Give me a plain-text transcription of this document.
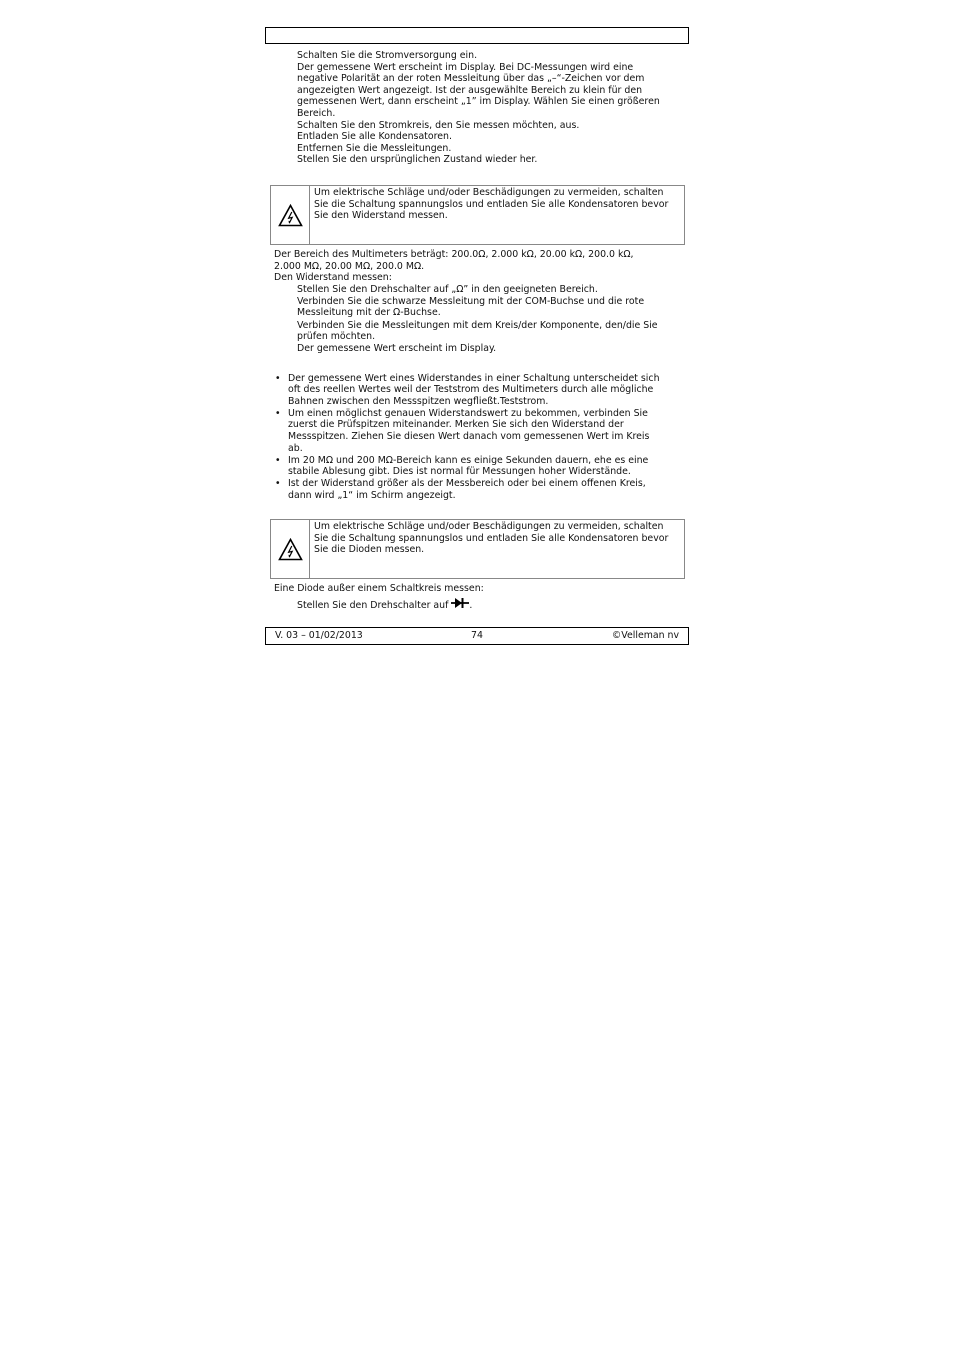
Schalten Sie die Stromversorgung ein.
Der gemessene Wert erscheint im Display. Bei DC-Messungen wird eine
negative Polarität an der roten Messleitung über das „–“-Zeichen vor dem
angezeigten Wert angezeigt. Ist der ausgewählte Bereich zu klein für den
gemessenen Wert, dann erscheint „1” im Display. Wählen Sie einen größeren
Bereich.
Schalten Sie den Stromkreis, den Sie messen möchten, aus.
Entladen Sie alle Kondensatoren.
Entfernen Sie die Messleitungen.
Stellen Sie den ursprünglichen Zustand wieder her.
Um elektrische Schläge und/oder Beschädigungen zu vermeiden, schalten
Sie die Schaltung spannungslos und entladen Sie alle Kondensatoren bevor
Sie den Widerstand messen.
Der Bereich des Multimeters beträgt: 200.0Ω, 2.000 kΩ, 20.00 kΩ, 200.0 kΩ,
2.000 MΩ, 20.00 MΩ, 200.0 MΩ.
Den Widerstand messen:
Stellen Sie den Drehschalter auf „Ω” in den geeigneten Bereich.
Verbinden Sie die schwarze Messleitung mit der COM-Buchse und die rote
Messleitung mit der Ω-Buchse.
Verbinden Sie die Messleitungen mit dem Kreis/der Komponente, den/die Sie
prüfen möchten.
Der gemessene Wert erscheint im Display.
• Der gemessene Wert eines Widerstandes in einer Schaltung unterscheidet sich
oft des reellen Wertes weil der Teststrom des Multimeters durch alle mögliche
Bahnen zwischen den Messspitzen wegfließt.Teststrom.
• Um einen möglichst genauen Widerstandswert zu bekommen, verbinden Sie
zuerst die Prüfspitzen miteinander. Merken Sie sich den Widerstand der
Messspitzen. Ziehen Sie diesen Wert danach vom gemessenen Wert im Kreis
ab.
• Im 20 MΩ und 200 MΩ-Bereich kann es einige Sekunden dauern, ehe es eine
stabile Ablesung gibt. Dies ist normal für Messungen hoher Widerstände.
• Ist der Widerstand größer als der Messbereich oder bei einem offenen Kreis,
dann wird „1“ im Schirm angezeigt.
Um elektrische Schläge und/oder Beschädigungen zu vermeiden, schalten
Sie die Schaltung spannungslos und entladen Sie alle Kondensatoren bevor
Sie die Dioden messen.
Eine Diode außer einem Schaltkreis messen:
Stellen Sie den Drehschalter auf .
V. 03 – 01/02/2013	74	©Velleman nv
